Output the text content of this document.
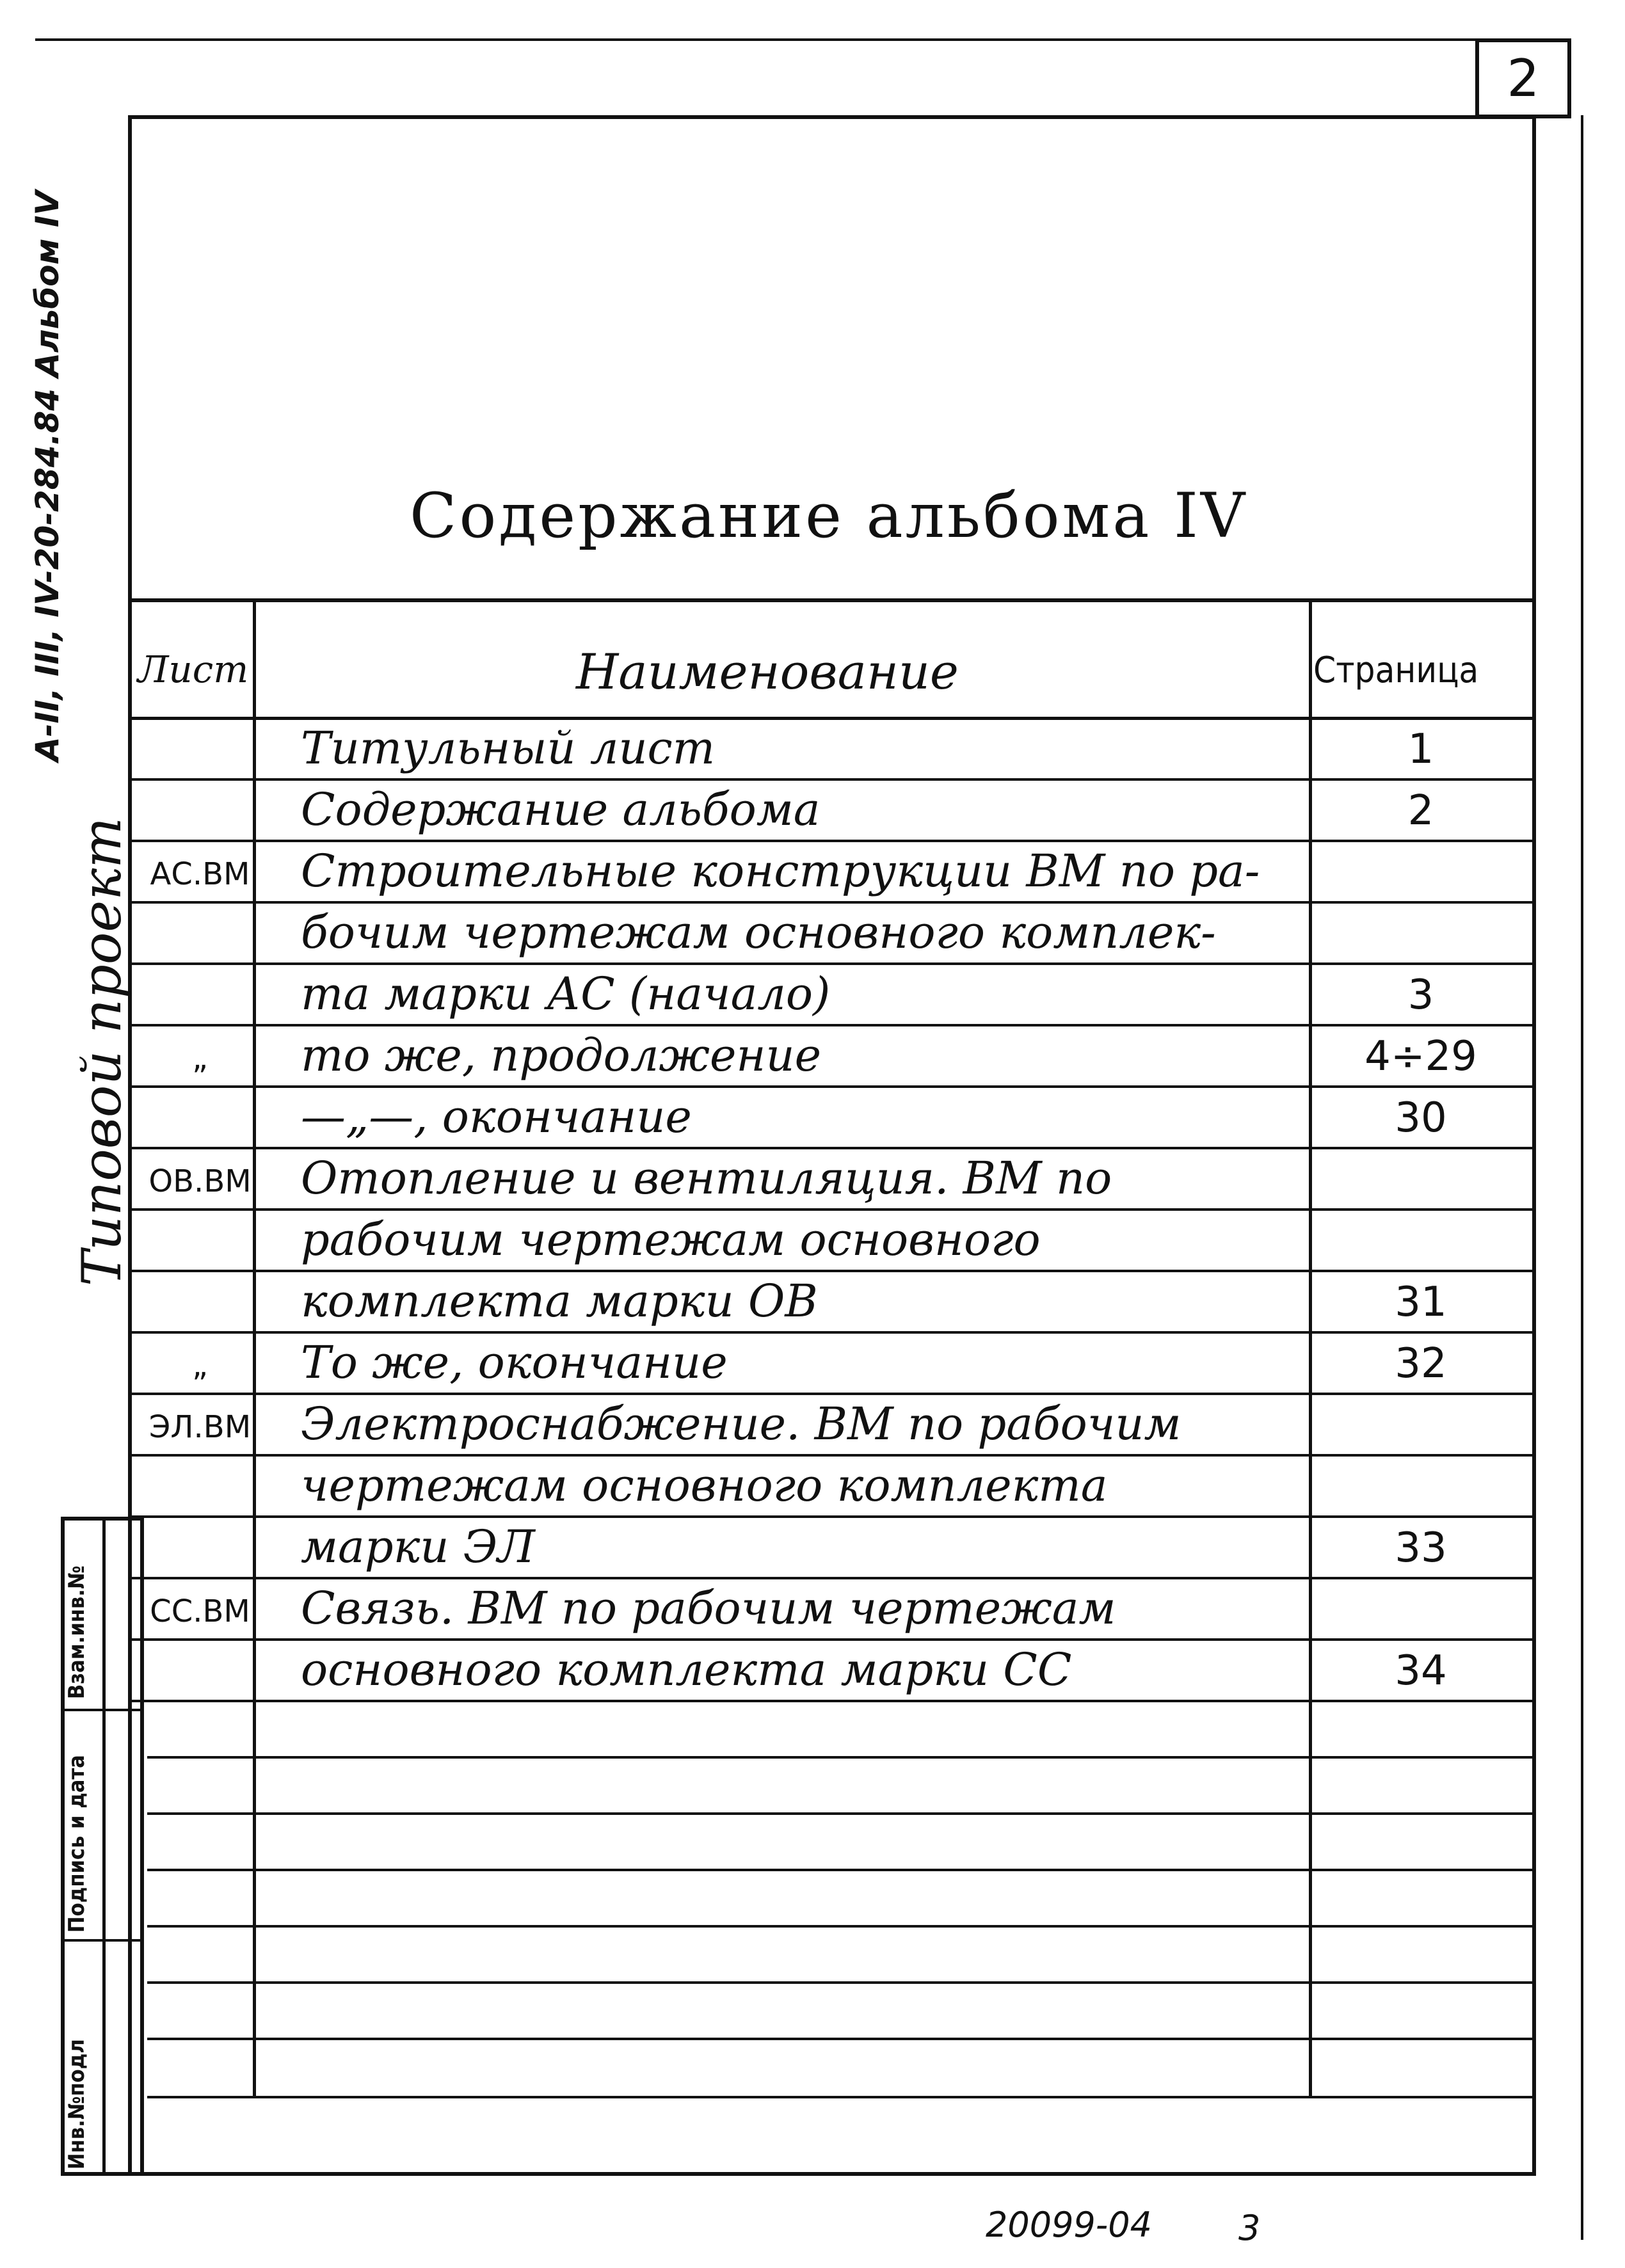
2
Содержание альбома IV
Лист	Наименование	Страница
Титульный лист	1
Содержание альбома	2
АС.ВМ Строительные конструкции ВМ по ра-
бочим чертежам основного комплек-
та марки АС (начало)	3
„	то же, продолжение	4÷29
—„—, окончание	30
ОВ.ВМ Отопление и вентиляция. ВМ по
рабочим чертежам основного
комплекта марки ОВ	31
„	То же, окончание	32
ЭЛ.ВМ Электроснабжение. ВМ по рабочим
чертежам основного комплекта
марки ЭЛ	33
СС.ВМ Связь. ВМ по рабочим чертежам
основного комплекта марки СС	34
Взам.инв.№
Подпись и дата
Инв.№подл
Типовой проект
А-II, III, IV-20-284.84 Альбом IV
20099-04	3
